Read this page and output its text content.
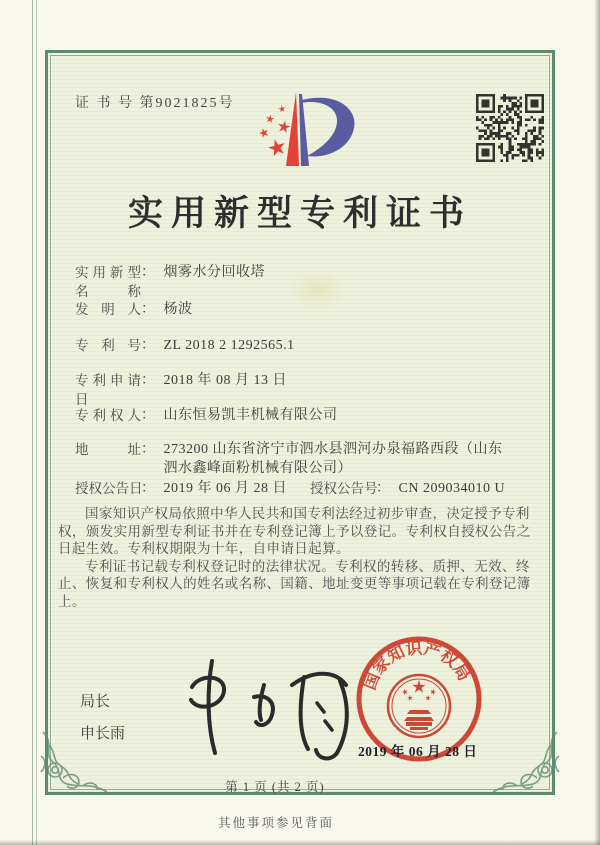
证 书 号 第9021825号
实用新型专利证书
实用新型名称： 烟雾水分回收塔
发明人： 杨波
专利号： ZL 2018 2 1292565.1
专利申请日： 2018 年 08 月 13 日
专利权人： 山东恒易凯丰机械有限公司
地址： 273200 山东省济宁市泗水县泗河办泉福路西段（山东泗水鑫峰面粉机械有限公司）
授权公告日： 2019 年 06 月 28 日 授权公告号： CN 209034010 U

国家知识产权局依照中华人民共和国专利法经过初步审查，决定授予专利权，颁发实用新型专利证书并在专利登记簿上予以登记。专利权自授权公告之日起生效。专利权期限为十年，自申请日起算。

专利证书记载专利权登记时的法律状况。专利权的转移、质押、无效、终止、恢复和专利权人的姓名或名称、国籍、地址变更等事项记载在专利登记簿上。

局长
申长雨
国家知识产权局
2019 年 06 月 28 日
第 1 页 (共 2 页)
其他事项参见背面
